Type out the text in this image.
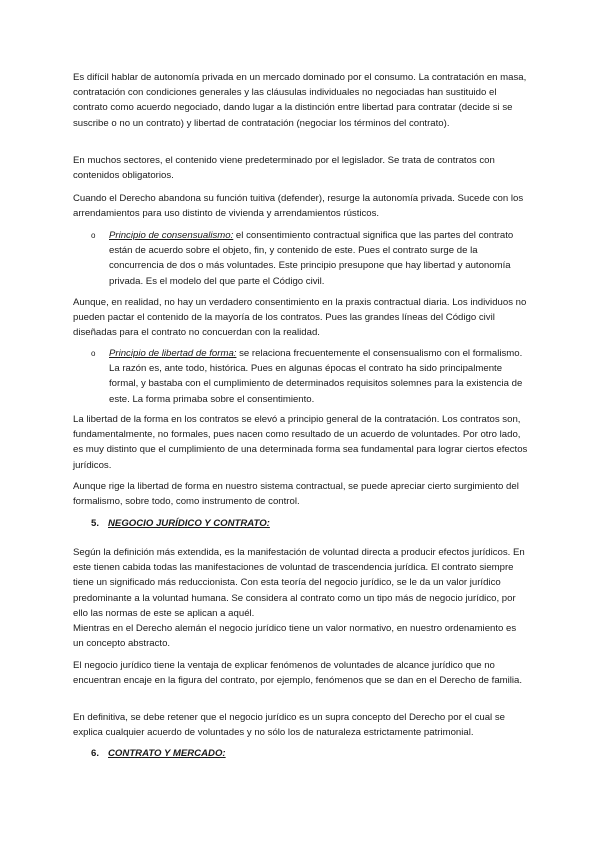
Es difícil hablar de autonomía privada en un mercado dominado por el consumo. La contratación en masa, contratación con condiciones generales y las cláusulas individuales no negociadas han sustituido el contrato como acuerdo negociado, dando lugar a la distinción entre libertad para contratar (decide si se suscribe o no un contrato) y libertad de contratación (negociar los términos del contrato).

En muchos sectores, el contenido viene predeterminado por el legislador. Se trata de contratos con contenidos obligatorios.

Cuando el Derecho abandona su función tuitiva (defender), resurge la autonomía privada. Sucede con los arrendamientos para uso distinto de vivienda y arrendamientos rústicos.

o Principio de consensualismo: el consentimiento contractual significa que las partes del contrato están de acuerdo sobre el objeto, fin, y contenido de este. Pues el contrato surge de la concurrencia de dos o más voluntades. Este principio presupone que hay libertad y autonomía privada. Es el modelo del que parte el Código civil.

Aunque, en realidad, no hay un verdadero consentimiento en la praxis contractual diaria. Los individuos no pueden pactar el contenido de la mayoría de los contratos. Pues las grandes líneas del Código civil diseñadas para el contrato no concuerdan con la realidad.

o Principio de libertad de forma: se relaciona frecuentemente el consensualismo con el formalismo. La razón es, ante todo, histórica. Pues en algunas épocas el contrato ha sido principalmente formal, y bastaba con el cumplimiento de determinados requisitos solemnes para la existencia de este. La forma primaba sobre el consentimiento.

La libertad de la forma en los contratos se elevó a principio general de la contratación. Los contratos son, fundamentalmente, no formales, pues nacen como resultado de un acuerdo de voluntades. Por otro lado, es muy distinto que el cumplimiento de una determinada forma sea fundamental para lograr ciertos efectos jurídicos.

Aunque rige la libertad de forma en nuestro sistema contractual, se puede apreciar cierto surgimiento del formalismo, sobre todo, como instrumento de control.

5. NEGOCIO JURÍDICO Y CONTRATO:

Según la definición más extendida, es la manifestación de voluntad directa a producir efectos jurídicos. En este tienen cabida todas las manifestaciones de voluntad de trascendencia jurídica. El contrato siempre tiene un significado más reduccionista. Con esta teoría del negocio jurídico, se le da un valor jurídico predominante a la voluntad humana. Se considera al contrato como un tipo más de negocio jurídico, por ello las normas de este se aplican a aquél.

Mientras en el Derecho alemán el negocio jurídico tiene un valor normativo, en nuestro ordenamiento es un concepto abstracto.

El negocio jurídico tiene la ventaja de explicar fenómenos de voluntades de alcance jurídico que no encuentran encaje en la figura del contrato, por ejemplo, fenómenos que se dan en el Derecho de familia.

En definitiva, se debe retener que el negocio jurídico es un supra concepto del Derecho por el cual se explica cualquier acuerdo de voluntades y no sólo los de naturaleza estrictamente patrimonial.

6. CONTRATO Y MERCADO:
